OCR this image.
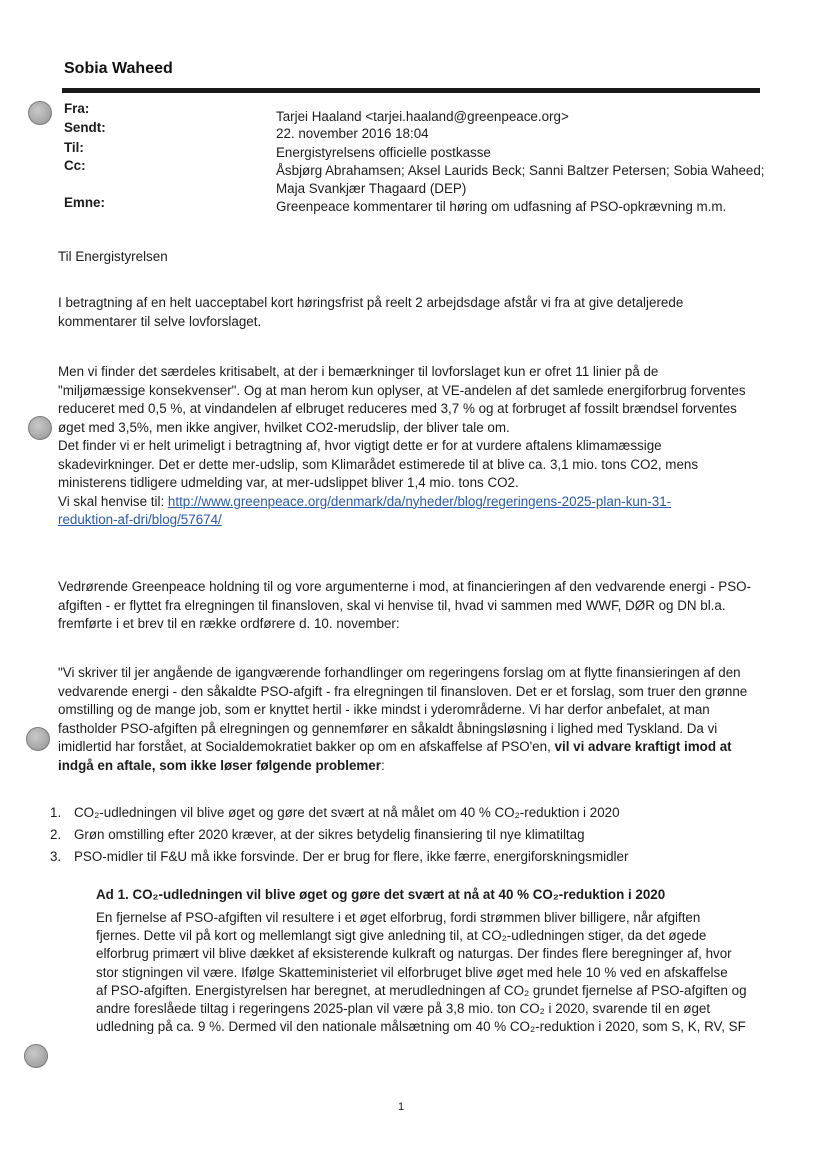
Sobia Waheed
Fra:
Tarjei Haaland <tarjei.haaland@greenpeace.org>
Sendt:	22. november 2016 18:04
Til:	Energistyrelsens officielle postkasse
Cc:	Åsbjørg Abrahamsen; Aksel Laurids Beck; Sanni Baltzer Petersen; Sobia Waheed;
Maja Svankjær Thagaard (DEP)
Emne:	Greenpeace kommentarer til høring om udfasning af PSO-opkrævning m.m.
Til Energistyrelsen
I betragtning af en helt uacceptabel kort høringsfrist på reelt 2 arbejdsdage afstår vi fra at give detaljerede
kommentarer til selve lovforslaget.
Men vi finder det særdeles kritisabelt, at der i bemærkninger til lovforslaget kun er ofret 11 linier på de
"miljømæssige konsekvenser". Og at man herom kun oplyser, at VE-andelen af det samlede energiforbrug forventes
reduceret med 0,5 %, at vindandelen af elbruget reduceres med 3,7 % og at forbruget af fossilt brændsel forventes
øget med 3,5%, men ikke angiver, hvilket CO2-merudslip, der bliver tale om.
Det finder vi er helt urimeligt i betragtning af, hvor vigtigt dette er for at vurdere aftalens klimamæssige
skadevirkninger. Det er dette mer-udslip, som Klimarådet estimerede til at blive ca. 3,1 mio. tons CO2, mens
ministerens tidligere udmelding var, at mer-udslippet bliver 1,4 mio. tons CO2.
Vi skal henvise til: http://www.greenpeace.org/denmark/da/nyheder/blog/regeringens-2025-plan-kun-31-
reduktion-af-dri/blog/57674/
Vedrørende Greenpeace holdning til og vore argumenterne i mod, at financieringen af den vedvarende energi - PSO-
afgiften - er flyttet fra elregningen til finansloven, skal vi henvise til, hvad vi sammen med WWF, DØR og DN bl.a.
fremførte i et brev til en række ordførere d. 10. november:
"Vi skriver til jer angående de igangværende forhandlinger om regeringens forslag om at flytte finansieringen af den
vedvarende energi - den såkaldte PSO-afgift - fra elregningen til finansloven. Det er et forslag, som truer den grønne
omstilling og de mange job, som er knyttet hertil - ikke mindst i yderområderne. Vi har derfor anbefalet, at man
fastholder PSO-afgiften på elregningen og gennemfører en såkaldt åbningsløsning i lighed med Tyskland. Da vi
imidlertid har forstået, at Socialdemokratiet bakker op om en afskaffelse af PSO'en, vil vi advare kraftigt imod at
indgå en aftale, som ikke løser følgende problemer:
1. CO₂-udledningen vil blive øget og gøre det svært at nå målet om 40 % CO₂-reduktion i 2020
2. Grøn omstilling efter 2020 kræver, at der sikres betydelig finansiering til nye klimatiltag
3. PSO-midler til F&U må ikke forsvinde. Der er brug for flere, ikke færre, energiforskningsmidler
Ad 1. CO₂-udledningen vil blive øget og gøre det svært at nå at 40 % CO₂-reduktion i 2020
En fjernelse af PSO-afgiften vil resultere i et øget elforbrug, fordi strømmen bliver billigere, når afgiften
fjernes. Dette vil på kort og mellemlangt sigt give anledning til, at CO₂-udledningen stiger, da det øgede
elforbrug primært vil blive dækket af eksisterende kulkraft og naturgas. Der findes flere beregninger af, hvor
stor stigningen vil være. Ifølge Skatteministeriet vil elforbruget blive øget med hele 10 % ved en afskaffelse
af PSO-afgiften. Energistyrelsen har beregnet, at merudledningen af CO₂ grundet fjernelse af PSO-afgiften og
andre foreslåede tiltag i regeringens 2025-plan vil være på 3,8 mio. ton CO₂ i 2020, svarende til en øget
udledning på ca. 9 %. Dermed vil den nationale målsætning om 40 % CO₂-reduktion i 2020, som S, K, RV, SF
1
